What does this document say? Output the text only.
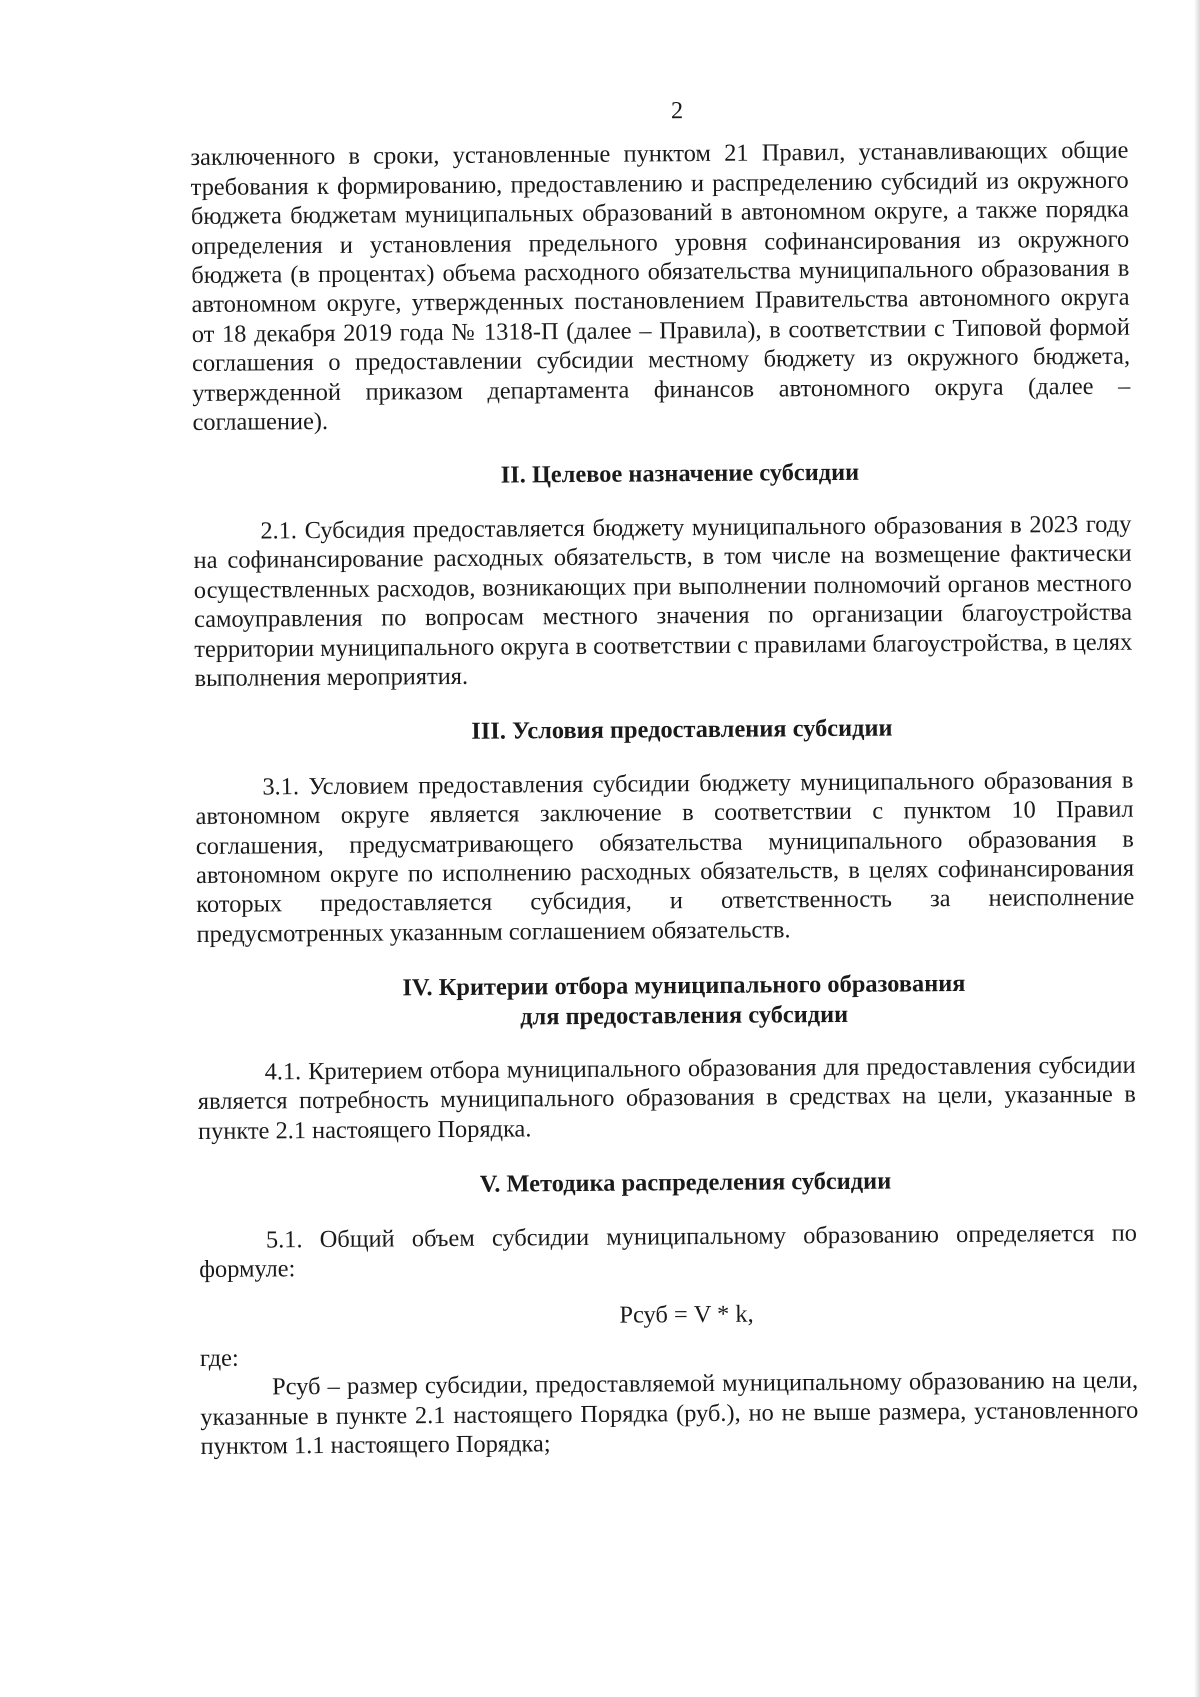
2

заключенного в сроки, установленные пунктом 21 Правил, устанавливающих общие требования к формированию, предоставлению и распределению субсидий из окружного бюджета бюджетам муниципальных образований в автономном округе, а также порядка определения и установления предельного уровня софинансирования из окружного бюджета (в процентах) объема расходного обязательства муниципального образования в автономном округе, утвержденных постановлением Правительства автономного округа от 18 декабря 2019 года № 1318-П (далее – Правила), в соответствии с Типовой формой соглашения о предоставлении субсидии местному бюджету из окружного бюджета, утвержденной приказом департамента финансов автономного округа (далее – соглашение).

II. Целевое назначение субсидии

2.1. Субсидия предоставляется бюджету муниципального образования в 2023 году на софинансирование расходных обязательств, в том числе на возмещение фактически осуществленных расходов, возникающих при выполнении полномочий органов местного самоуправления по вопросам местного значения по организации благоустройства территории муниципального округа в соответствии с правилами благоустройства, в целях выполнения мероприятия.

III. Условия предоставления субсидии

3.1. Условием предоставления субсидии бюджету муниципального образования в автономном округе является заключение в соответствии с пунктом 10 Правил соглашения, предусматривающего обязательства муниципального образования в автономном округе по исполнению расходных обязательств, в целях софинансирования которых предоставляется субсидия, и ответственность за неисполнение предусмотренных указанным соглашением обязательств.

IV. Критерии отбора муниципального образования
для предоставления субсидии

4.1. Критерием отбора муниципального образования для предоставления субсидии является потребность муниципального образования в средствах на цели, указанные в пункте 2.1 настоящего Порядка.

V. Методика распределения субсидии

5.1. Общий объем субсидии муниципальному образованию определяется по формуле:

Рсуб = V * k,
где:

Рсуб – размер субсидии, предоставляемой муниципальному образованию на цели, указанные в пункте 2.1 настоящего Порядка (руб.), но не выше размера, установленного пунктом 1.1 настоящего Порядка;
